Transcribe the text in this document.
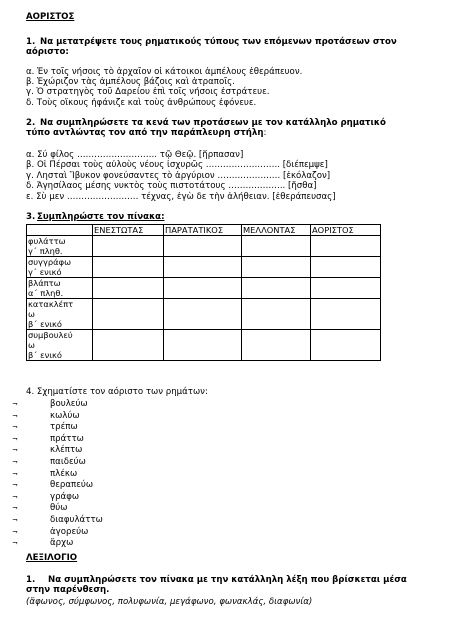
ΑΟΡΙΣΤΟΣ
1. Να μετατρέψετε τους ρηματικούς τύπους των επόμενων προτάσεων στον
αόριστο:
α. Ἐν τοῖς νήσοις τὸ ἀρχαῖον οἱ κάτοικοι ἀμπέλους ἐθεράπευον.
β. Ἐχώριζον τὰς ἀμπέλους βάζοις καὶ ἀτραποῖς.
γ. Ὁ στρατηγὸς τοῦ Δαρείου ἐπὶ τοῖς νήσοις ἐστράτευε.
δ. Τοὺς οἴκους ἠφάνιζε καὶ τοὺς ἀνθρώπους ἐφόνευε.
2. Να συμπληρώσετε τα κενά των προτάσεων με τον κατάλληλο ρηματικό
τύπο αντλώντας τον από την παράπλευρη στήλη:
α. Σύ φίλος ………………………. τῷ Θεῷ. [ἥρπασαν]
β. Οἱ Πέρσαι τοὺς αὐλοὺς νέους ἰσχυρῶς …………………….. [διέπεμψε]
γ. Λησταὶ Ἴβυκον φονεύσαντες τὸ ἀργύριον …………………. [ἐκόλαζον]
δ. Ἀγησίλαος μέσης νυκτὸς τοὺς πιστοτάτους ……………….. [ἤσθα]
ε. Σὺ μεν ……………………. τέχνας, ἐγὼ δε τὴν ἀλήθειαν. [ἐθεράπευσας]
3. Συμπληρώστε τον πίνακα:
	ΕΝΕΣΤΩΤΑΣ	ΠΑΡΑΤΑΤΙΚΟΣ	ΜΕΛΛΟΝΤΑΣ	ΑΟΡΙΣΤΟΣ

φυλάττω
γ΄ πληθ.				

συγγράφω
γ΄ ενικό				

βλάπτω
α΄ πληθ.				

κατακλέπτ
ω
β΄ ενικό				

συμβουλεύ
ω
β΄ ενικό				

4. Σχηματίστε τον αόριστο των ρημάτων:
¬	βουλεύω
¬	κωλύω
¬	τρέπω
¬	πράττω
¬	κλέπτω
¬	παιδεύω
¬	πλέκω
¬	θεραπεύω
¬	γράφω
¬	θύω
¬	διαφυλάττω
¬	ἀγορεύω
¬	ἄρχω
ΛΕΞΙΛΟΓΙΟ
1. Να συμπληρώσετε τον πίνακα με την κατάλληλη λέξη που βρίσκεται μέσα
στην παρένθεση.
(ἄφωνος, σύμφωνος, πολυφωνία, μεγάφωνο, φωνακλάς, διαφωνία)
